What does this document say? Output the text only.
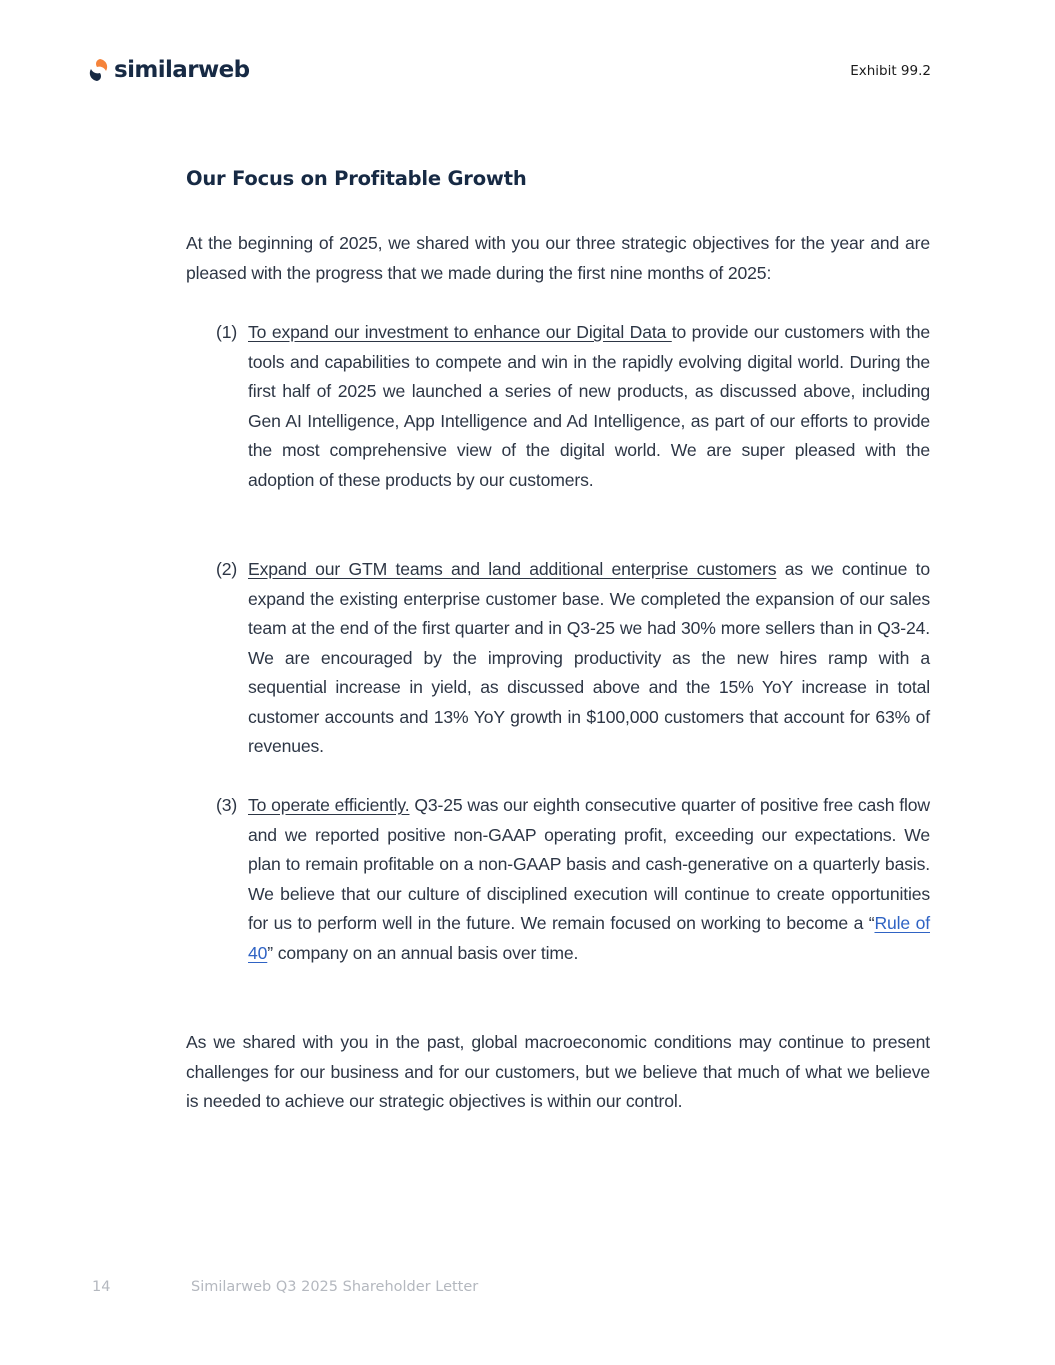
similarweb	Exhibit 99.2
Our Focus on Profitable Growth

At the beginning of 2025, we shared with you our three strategic objectives for the year and are pleased with the progress that we made during the first nine months of 2025:

(1) To expand our investment to enhance our Digital Data to provide our customers with the tools and capabilities to compete and win in the rapidly evolving digital world. During the first half of 2025 we launched a series of new products, as discussed above, including Gen AI Intelligence, App Intelligence and Ad Intelligence, as part of our efforts to provide the most comprehensive view of the digital world. We are super pleased with the adoption of these products by our customers.

(2) Expand our GTM teams and land additional enterprise customers as we continue to expand the existing enterprise customer base. We completed the expansion of our sales team at the end of the first quarter and in Q3-25 we had 30% more sellers than in Q3-24. We are encouraged by the improving productivity as the new hires ramp with a sequential increase in yield, as discussed above and the 15% YoY increase in total customer accounts and 13% YoY growth in $100,000 customers that account for 63% of revenues.

(3) To operate efficiently. Q3-25 was our eighth consecutive quarter of positive free cash flow and we reported positive non-GAAP operating profit, exceeding our expectations. We plan to remain profitable on a non-GAAP basis and cash-generative on a quarterly basis. We believe that our culture of disciplined execution will continue to create opportunities for us to perform well in the future. We remain focused on working to become a “Rule of 40” company on an annual basis over time.

As we shared with you in the past, global macroeconomic conditions may continue to present challenges for our business and for our customers, but we believe that much of what we believe is needed to achieve our strategic objectives is within our control.

14	Similarweb Q3 2025 Shareholder Letter
